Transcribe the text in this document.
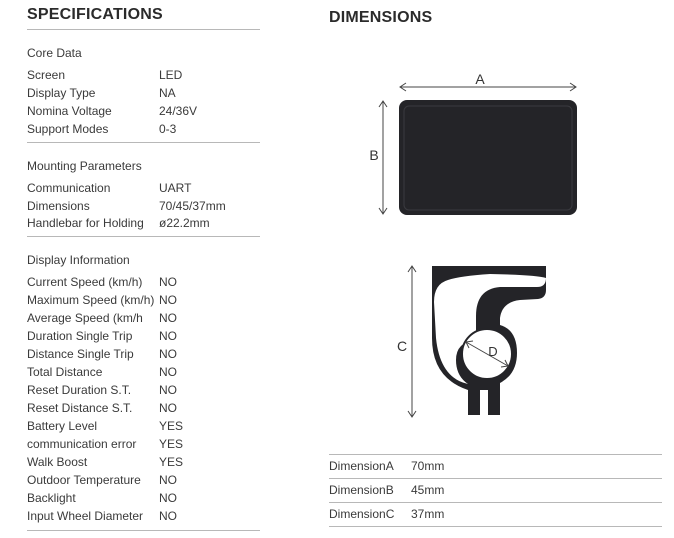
SPECIFICATIONS
Core Data
Screen	LED
Display Type	NA
Nomina Voltage	24/36V
Support Modes	0-3
Mounting Parameters
Communication	UART
Dimensions	70/45/37mm
Handlebar for Holding ø22.2mm
Display Information
Current Speed (km/h) NO
Maximum Speed (km/h) NO
Average Speed (km/h NO
Duration Single Trip NO
Distance Single Trip NO
Total Distance	NO
Reset Duration S.T. NO
Reset Distance S.T. NO
Battery Level	YES
communication error YES
Walk Boost	YES
Outdoor Temperature NO
Backlight	NO
Input Wheel Diameter NO
DIMENSIONS
A
B
C	D
DimensionA 70mm
DimensionB 45mm
DimensionC 37mm
